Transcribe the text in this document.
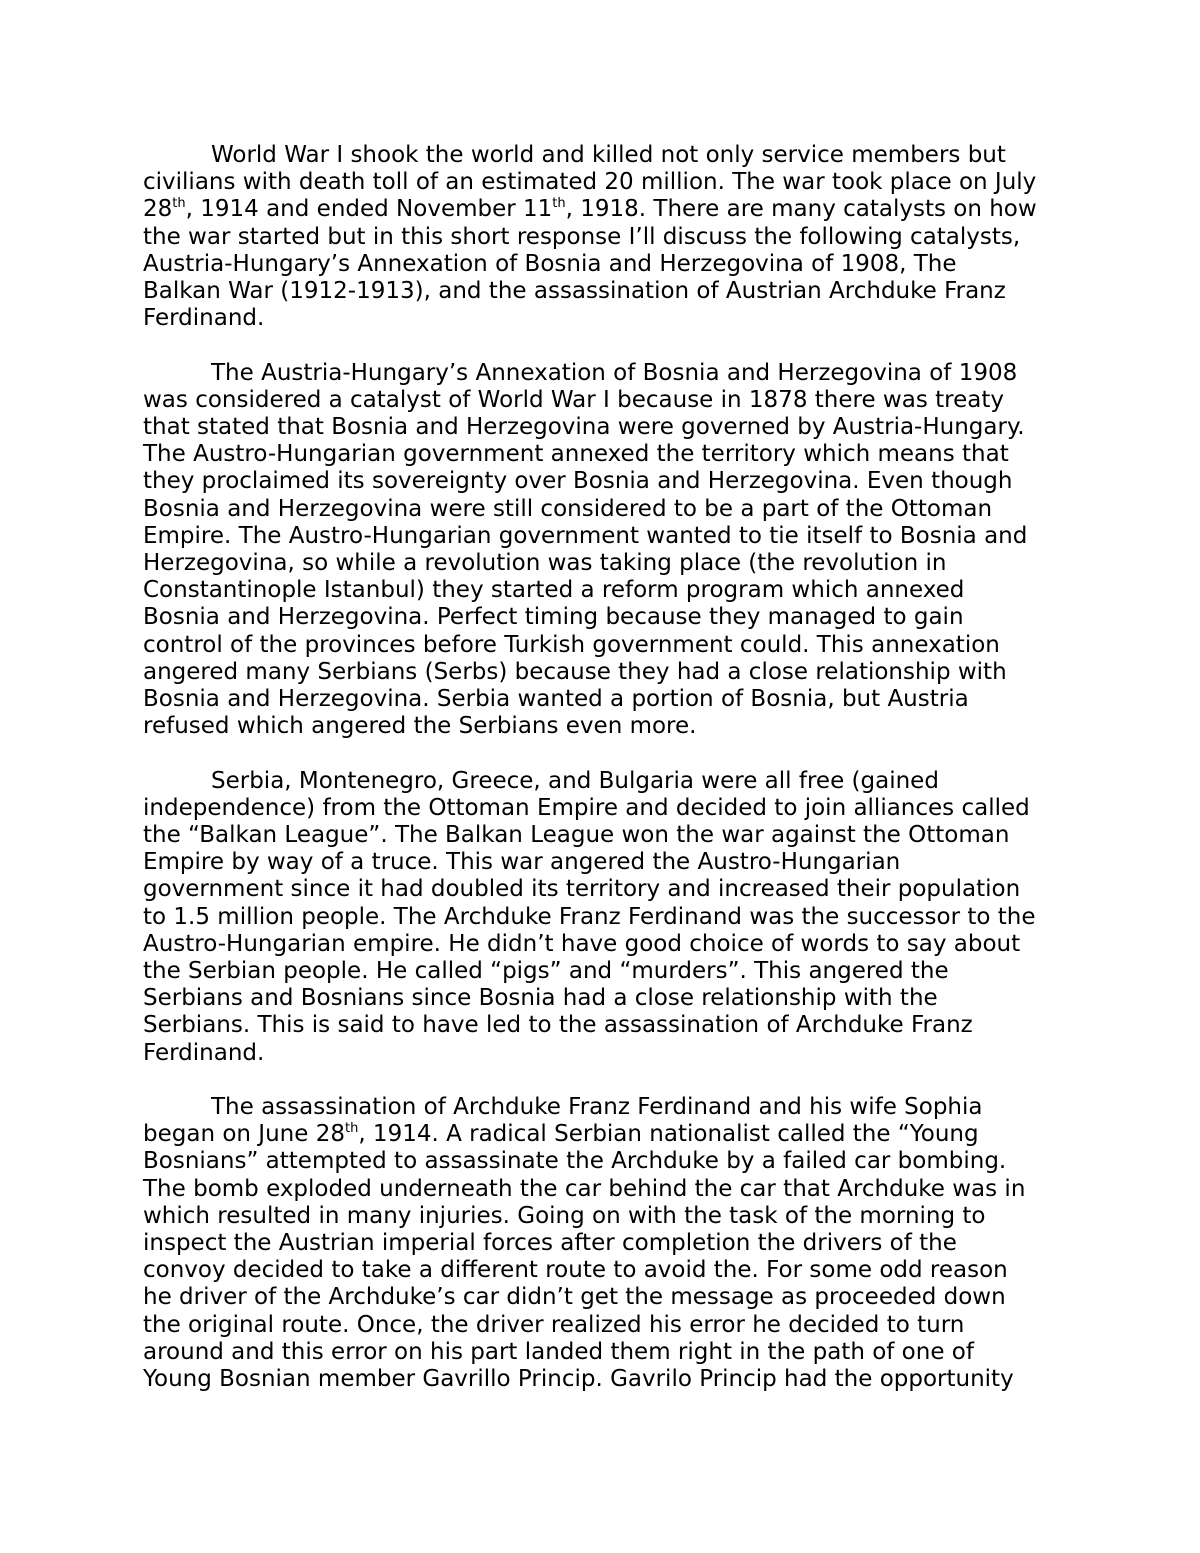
World War I shook the world and killed not only service members but
civilians with death toll of an estimated 20 million. The war took place on July
28th, 1914 and ended November 11th, 1918. There are many catalysts on how
the war started but in this short response I’ll discuss the following catalysts,
Austria-Hungary’s Annexation of Bosnia and Herzegovina of 1908, The
Balkan War (1912-1913), and the assassination of Austrian Archduke Franz
Ferdinand.
The Austria-Hungary’s Annexation of Bosnia and Herzegovina of 1908
was considered a catalyst of World War I because in 1878 there was treaty
that stated that Bosnia and Herzegovina were governed by Austria-Hungary.
The Austro-Hungarian government annexed the territory which means that
they proclaimed its sovereignty over Bosnia and Herzegovina. Even though
Bosnia and Herzegovina were still considered to be a part of the Ottoman
Empire. The Austro-Hungarian government wanted to tie itself to Bosnia and
Herzegovina, so while a revolution was taking place (the revolution in
Constantinople Istanbul) they started a reform program which annexed
Bosnia and Herzegovina. Perfect timing because they managed to gain
control of the provinces before Turkish government could. This annexation
angered many Serbians (Serbs) because they had a close relationship with
Bosnia and Herzegovina. Serbia wanted a portion of Bosnia, but Austria
refused which angered the Serbians even more.
Serbia, Montenegro, Greece, and Bulgaria were all free (gained
independence) from the Ottoman Empire and decided to join alliances called
the “Balkan League”. The Balkan League won the war against the Ottoman
Empire by way of a truce. This war angered the Austro-Hungarian
government since it had doubled its territory and increased their population
to 1.5 million people. The Archduke Franz Ferdinand was the successor to the
Austro-Hungarian empire. He didn’t have good choice of words to say about
the Serbian people. He called “pigs” and “murders”. This angered the
Serbians and Bosnians since Bosnia had a close relationship with the
Serbians. This is said to have led to the assassination of Archduke Franz
Ferdinand.
The assassination of Archduke Franz Ferdinand and his wife Sophia
began on June 28th, 1914. A radical Serbian nationalist called the “Young
Bosnians” attempted to assassinate the Archduke by a failed car bombing.
The bomb exploded underneath the car behind the car that Archduke was in
which resulted in many injuries. Going on with the task of the morning to
inspect the Austrian imperial forces after completion the drivers of the
convoy decided to take a different route to avoid the. For some odd reason
he driver of the Archduke’s car didn’t get the message as proceeded down
the original route. Once, the driver realized his error he decided to turn
around and this error on his part landed them right in the path of one of
Young Bosnian member Gavrillo Princip. Gavrilo Princip had the opportunity
